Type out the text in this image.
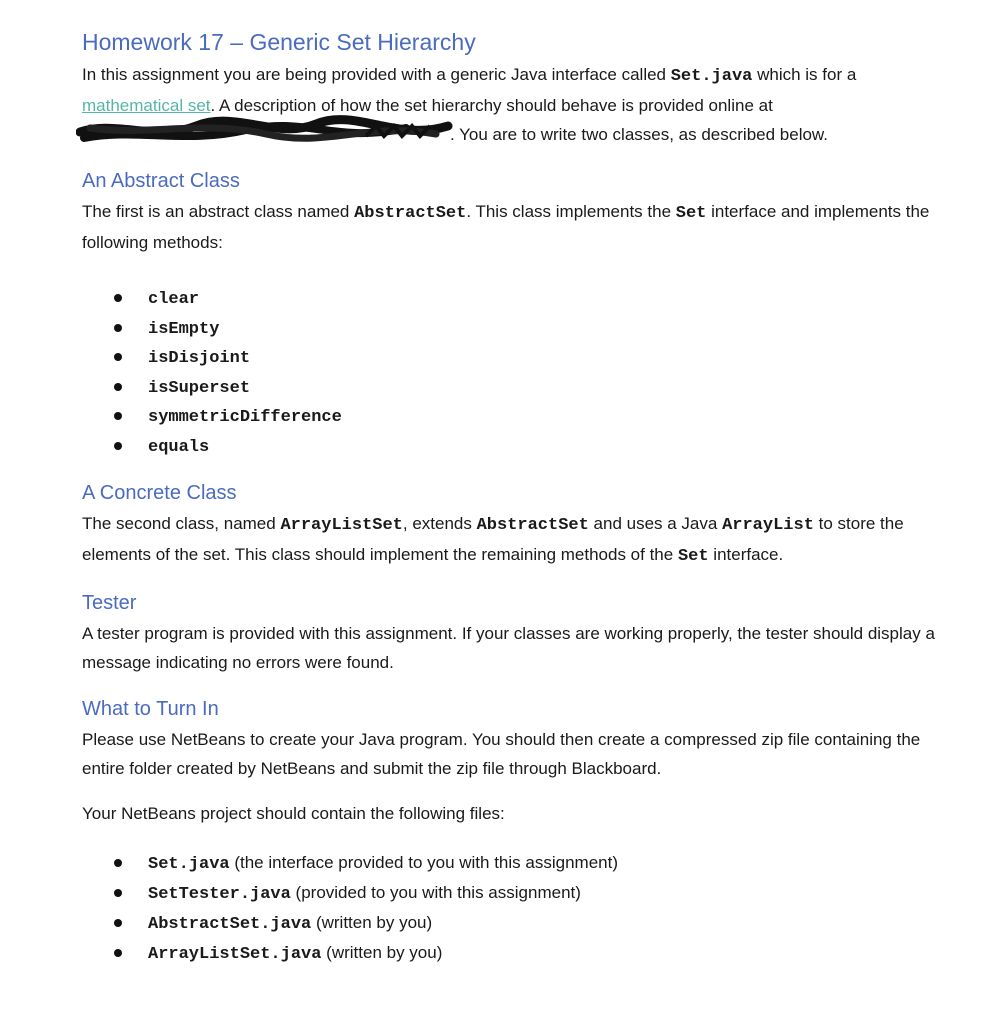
Homework 17 – Generic Set Hierarchy

In this assignment you are being provided with a generic Java interface called Set.java which is for a mathematical set. A description of how the set hierarchy should behave is provided online at

. You are to write two classes, as described below.

An Abstract Class

The first is an abstract class named AbstractSet. This class implements the Set interface and implements the following methods:

clear
isEmpty
isDisjoint
isSuperset
symmetricDifference
equals
A Concrete Class

The second class, named ArrayListSet, extends AbstractSet and uses a Java ArrayList to store the elements of the set. This class should implement the remaining methods of the Set interface.

Tester

A tester program is provided with this assignment. If your classes are working properly, the tester should display a message indicating no errors were found.

What to Turn In

Please use NetBeans to create your Java program. You should then create a compressed zip file containing the entire folder created by NetBeans and submit the zip file through Blackboard.

Your NetBeans project should contain the following files:

Set.java (the interface provided to you with this assignment)
SetTester.java (provided to you with this assignment)
AbstractSet.java (written by you)
ArrayListSet.java (written by you)
